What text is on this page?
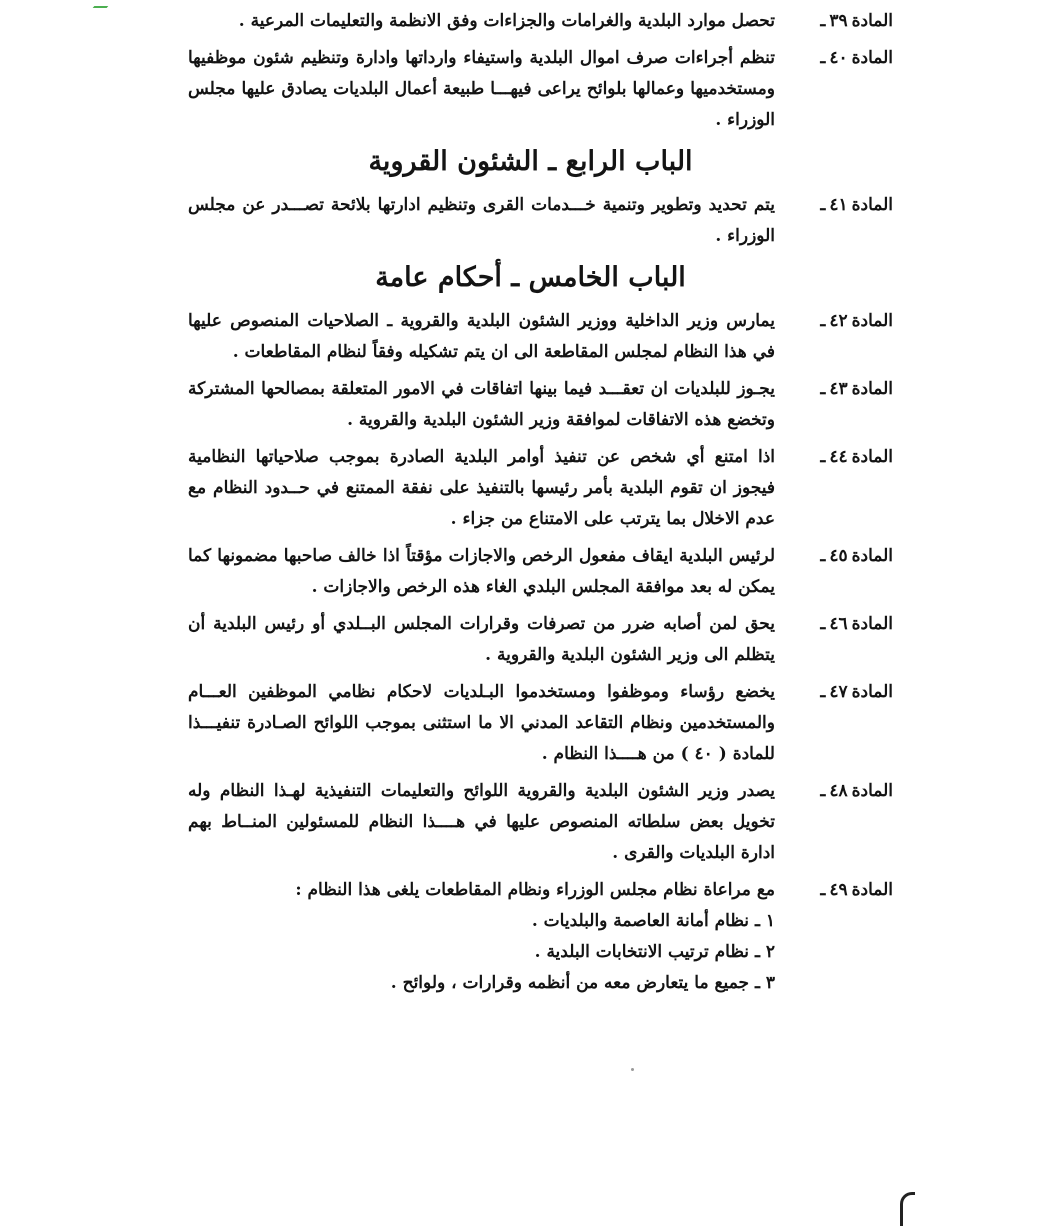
المادة٣٩ـ
تحصل موارد البلدية والغرامات والجزاءات وفق الانظمة والتعليمات المرعية .
المادة٤٠ـ
تنظم أجراءات صرف اموال البلدية واستيفاء وارداتها وادارة وتنظيم شئون موظفيها ومستخدميها وعمالها بلوائح يراعى فيهـــا طبيعة أعمال البلديات يصادق عليها مجلس الوزراء .
الباب الرابع ـ الشئون القروية
المادة٤١ـ
يتم تحديد وتطوير وتنمية خـــدمات القرى وتنظيم ادارتها بلائحة تصـــدر عن مجلس الوزراء .
الباب الخامس ـ أحكام عامة
المادة٤٢ـ
يمارس وزير الداخلية ووزير الشئون البلدية والقروية ـ الصلاحيات المنصوص عليها في هذا النظام لمجلس المقاطعة الى ان يتم تشكيله وفقاً لنظام المقاطعات .
المادة٤٣ـ
يجـوز للبلديات ان تعقـــد فيما بينها اتفاقات في الامور المتعلقة بمصالحها المشتركة وتخضع هذه الاتفاقات لموافقة وزير الشئون البلدية والقروية .
المادة٤٤ـ
اذا امتنع أي شخص عن تنفيذ أوامر البلدية الصادرة بموجب صلاحياتها النظامية فيجوز ان تقوم البلدية بأمر رئيسها بالتنفيذ على نفقة الممتنع في حــدود النظام مع عدم الاخلال بما يترتب على الامتناع من جزاء .
المادة٤٥ـ
لرئيس البلدية ايقاف مفعول الرخص والاجازات مؤقتاً اذا خالف صاحبها مضمونها كما يمكن له بعد موافقة المجلس البلدي الغاء هذه الرخص والاجازات .
المادة٤٦ـ
يحق لمن أصابه ضرر من تصرفات وقرارات المجلس البــلدي أو رئيس البلدية أن يتظلم الى وزير الشئون البلدية والقروية .
المادة٤٧ـ
يخضع رؤساء وموظفوا ومستخدموا البـلديات لاحكام نظامي الموظفين العـــام والمستخدمين ونظام التقاعد المدني الا ما استثنى بموجب اللوائح الصـادرة تنفيـــذا للمادة ( ٤٠ ) من هــــذا النظام .
المادة٤٨ـ
يصدر وزير الشئون البلدية والقروية اللوائح والتعليمات التنفيذية لهـذا النظام وله تخويل بعض سلطاته المنصوص عليها في هــــذا النظام للمسئولين المنــاط بهم ادارة البلديات والقرى .
المادة٤٩ـ
مع مراعاة نظام مجلس الوزراء ونظام المقاطعات يلغى هذا النظام :
١ ـ نظام أمانة العاصمة والبلديات .
٢ ـ نظام ترتيب الانتخابات البلدية .
٣ ـ جميع ما يتعارض معه من أنظمه وقرارات ، ولوائح .
